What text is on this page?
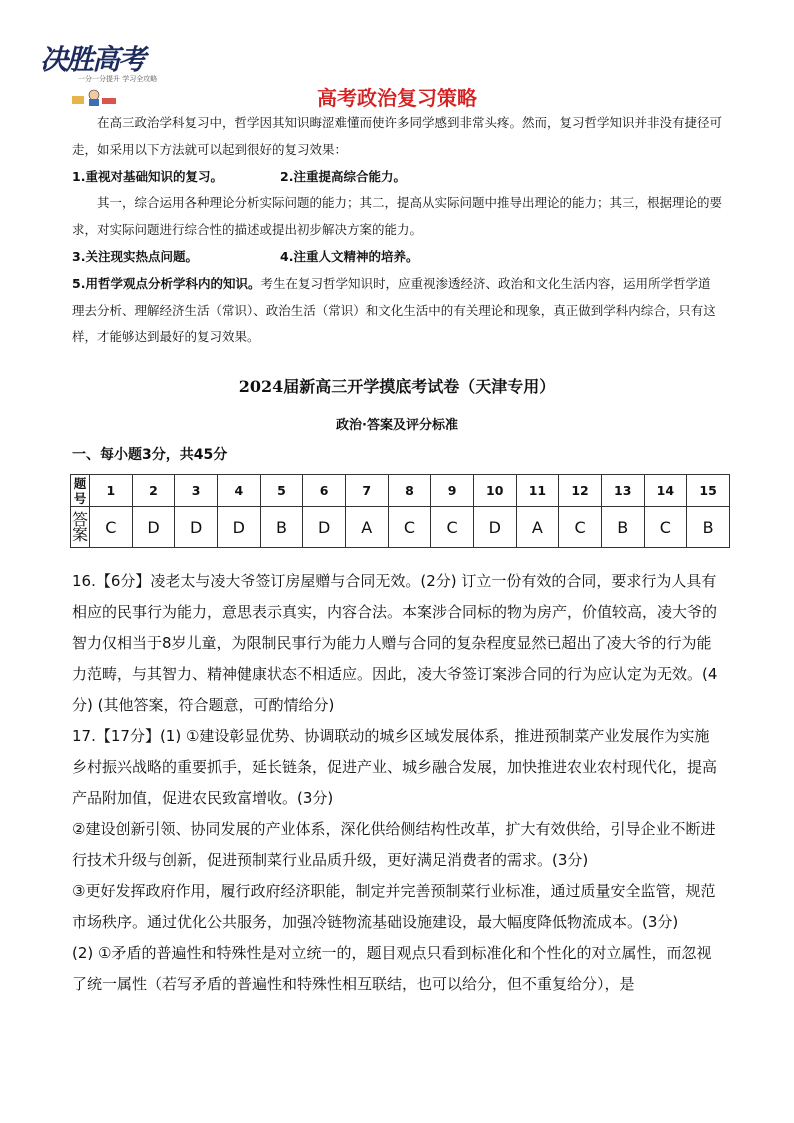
决胜高考
一分一分提升 学习全攻略
高考政治复习策略

在高三政治学科复习中，哲学因其知识晦涩难懂而使许多同学感到非常头疼。然而，复习哲学知识并非没有捷径可走，如采用以下方法就可以起到很好的复习效果：

1.重视对基础知识的复习。	2.注重提高综合能力。

其一，综合运用各种理论分析实际问题的能力；其二，提高从实际问题中推导出理论的能力；其三，根据理论的要求，对实际问题进行综合性的描述或提出初步解决方案的能力。

3.关注现实热点问题。	4.注重人文精神的培养。

5.用哲学观点分析学科内的知识。考生在复习哲学知识时，应重视渗透经济、政治和文化生活内容，运用所学哲学道理去分析、理解经济生活（常识）、政治生活（常识）和文化生活中的有关理论和现象，真正做到学科内综合，只有这样，才能够达到最好的复习效果。

2024届新高三开学摸底考试卷（天津专用）
政治·答案及评分标准
一、每小题3分，共45分
题
号	1	2	3	4	5	6	7	8	9	10	11	12	13	14	15

答
案	C	D	D	D	B	D	A	C	C	D	A	C	B	C	B

16.【6分】凌老太与凌大爷签订房屋赠与合同无效。(2分) 订立一份有效的合同，要求行为人具有相应的民事行为能力，意思表示真实，内容合法。本案涉合同标的物为房产，价值较高，凌大爷的智力仅相当于8岁儿童，为限制民事行为能力人赠与合同的复杂程度显然已超出了凌大爷的行为能力范畴，与其智力、精神健康状态不相适应。因此，凌大爷签订案涉合同的行为应认定为无效。(4分) (其他答案，符合题意，可酌情给分)

17.【17分】(1) ①建设彰显优势、协调联动的城乡区域发展体系，推进预制菜产业发展作为实施乡村振兴战略的重要抓手，延长链条，促进产业、城乡融合发展，加快推进农业农村现代化，提高产品附加值，促进农民致富增收。(3分)

②建设创新引领、协同发展的产业体系，深化供给侧结构性改革，扩大有效供给，引导企业不断进行技术升级与创新，促进预制菜行业品质升级，更好满足消费者的需求。(3分)

③更好发挥政府作用，履行政府经济职能，制定并完善预制菜行业标准，通过质量安全监管，规范市场秩序。通过优化公共服务，加强冷链物流基础设施建设，最大幅度降低物流成本。(3分)

(2) ①矛盾的普遍性和特殊性是对立统一的，题目观点只看到标准化和个性化的对立属性，而忽视了统一属性（若写矛盾的普遍性和特殊性相互联结，也可以给分，但不重复给分），是
